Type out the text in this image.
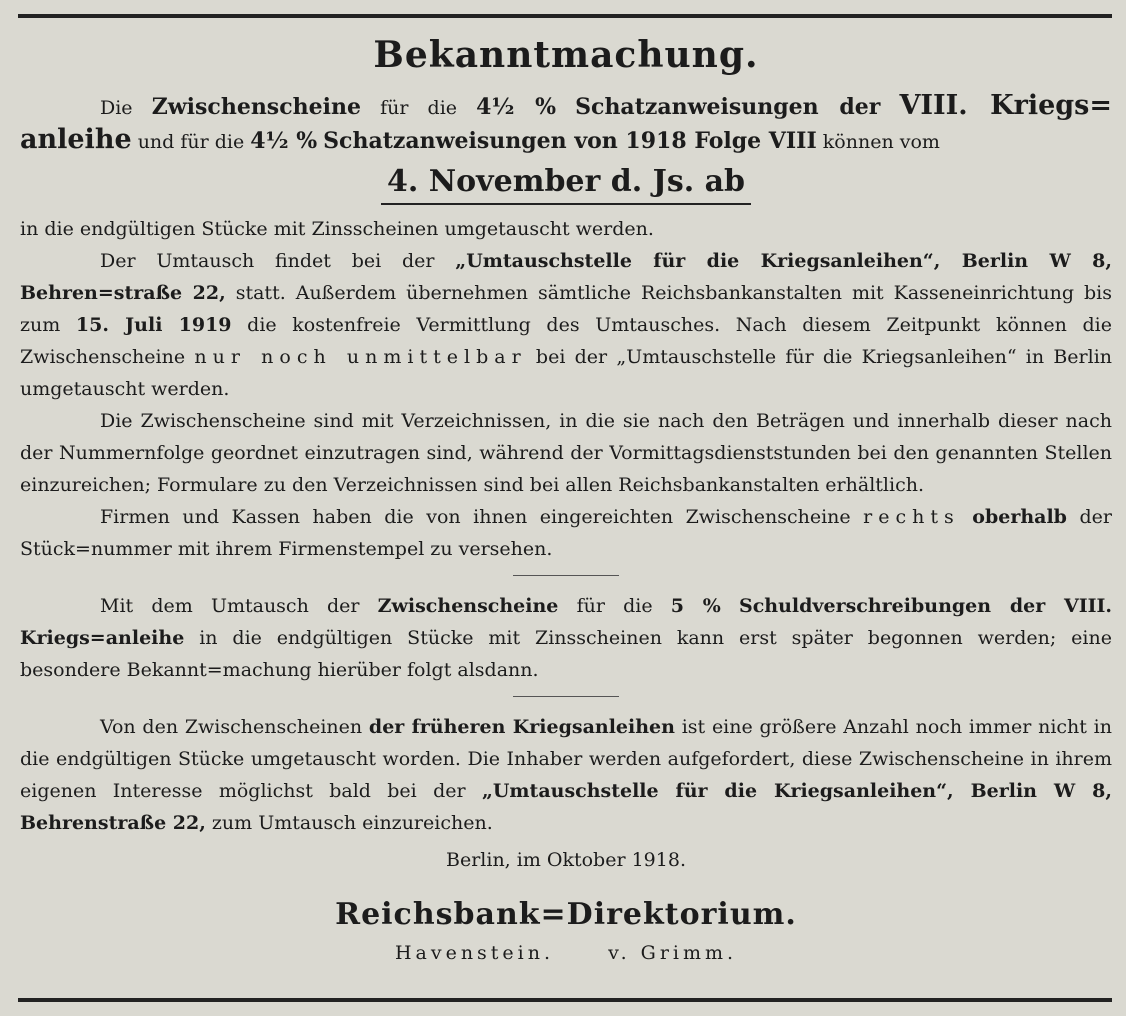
Bekanntmachung.

Die Zwischenscheine für die 4½ % Schatzanweisungen der VIII. Kriegs= anleihe und für die 4½ % Schatzanweisungen von 1918 Folge VIII können vom

4. November d. Js. ab

in die endgültigen Stücke mit Zinsscheinen umgetauscht werden.

Der Umtausch findet bei der „Umtauschstelle für die Kriegsanleihen“, Berlin W 8, Behren=straße 22, statt. Außerdem übernehmen sämtliche Reichsbankanstalten mit Kasseneinrichtung bis zum 15. Juli 1919 die kostenfreie Vermittlung des Umtausches. Nach diesem Zeitpunkt können die Zwischenscheine nur noch unmittelbar bei der „Umtauschstelle für die Kriegsanleihen“ in Berlin umgetauscht werden.

Die Zwischenscheine sind mit Verzeichnissen, in die sie nach den Beträgen und innerhalb dieser nach der Nummernfolge geordnet einzutragen sind, während der Vormittagsdienststunden bei den genannten Stellen einzureichen; Formulare zu den Verzeichnissen sind bei allen Reichsbankanstalten erhältlich.

Firmen und Kassen haben die von ihnen eingereichten Zwischenscheine rechts oberhalb der Stück=nummer mit ihrem Firmenstempel zu versehen.

Mit dem Umtausch der Zwischenscheine für die 5 % Schuldverschreibungen der VIII. Kriegs=anleihe in die endgültigen Stücke mit Zinsscheinen kann erst später begonnen werden; eine besondere Bekannt=machung hierüber folgt alsdann.

Von den Zwischenscheinen der früheren Kriegsanleihen ist eine größere Anzahl noch immer nicht in die endgültigen Stücke umgetauscht worden. Die Inhaber werden aufgefordert, diese Zwischenscheine in ihrem eigenen Interesse möglichst bald bei der „Umtauschstelle für die Kriegsanleihen“, Berlin W 8, Behrenstraße 22, zum Umtausch einzureichen.

Berlin, im Oktober 1918.
Reichsbank=Direktorium.
Havenstein.	v. Grimm.
